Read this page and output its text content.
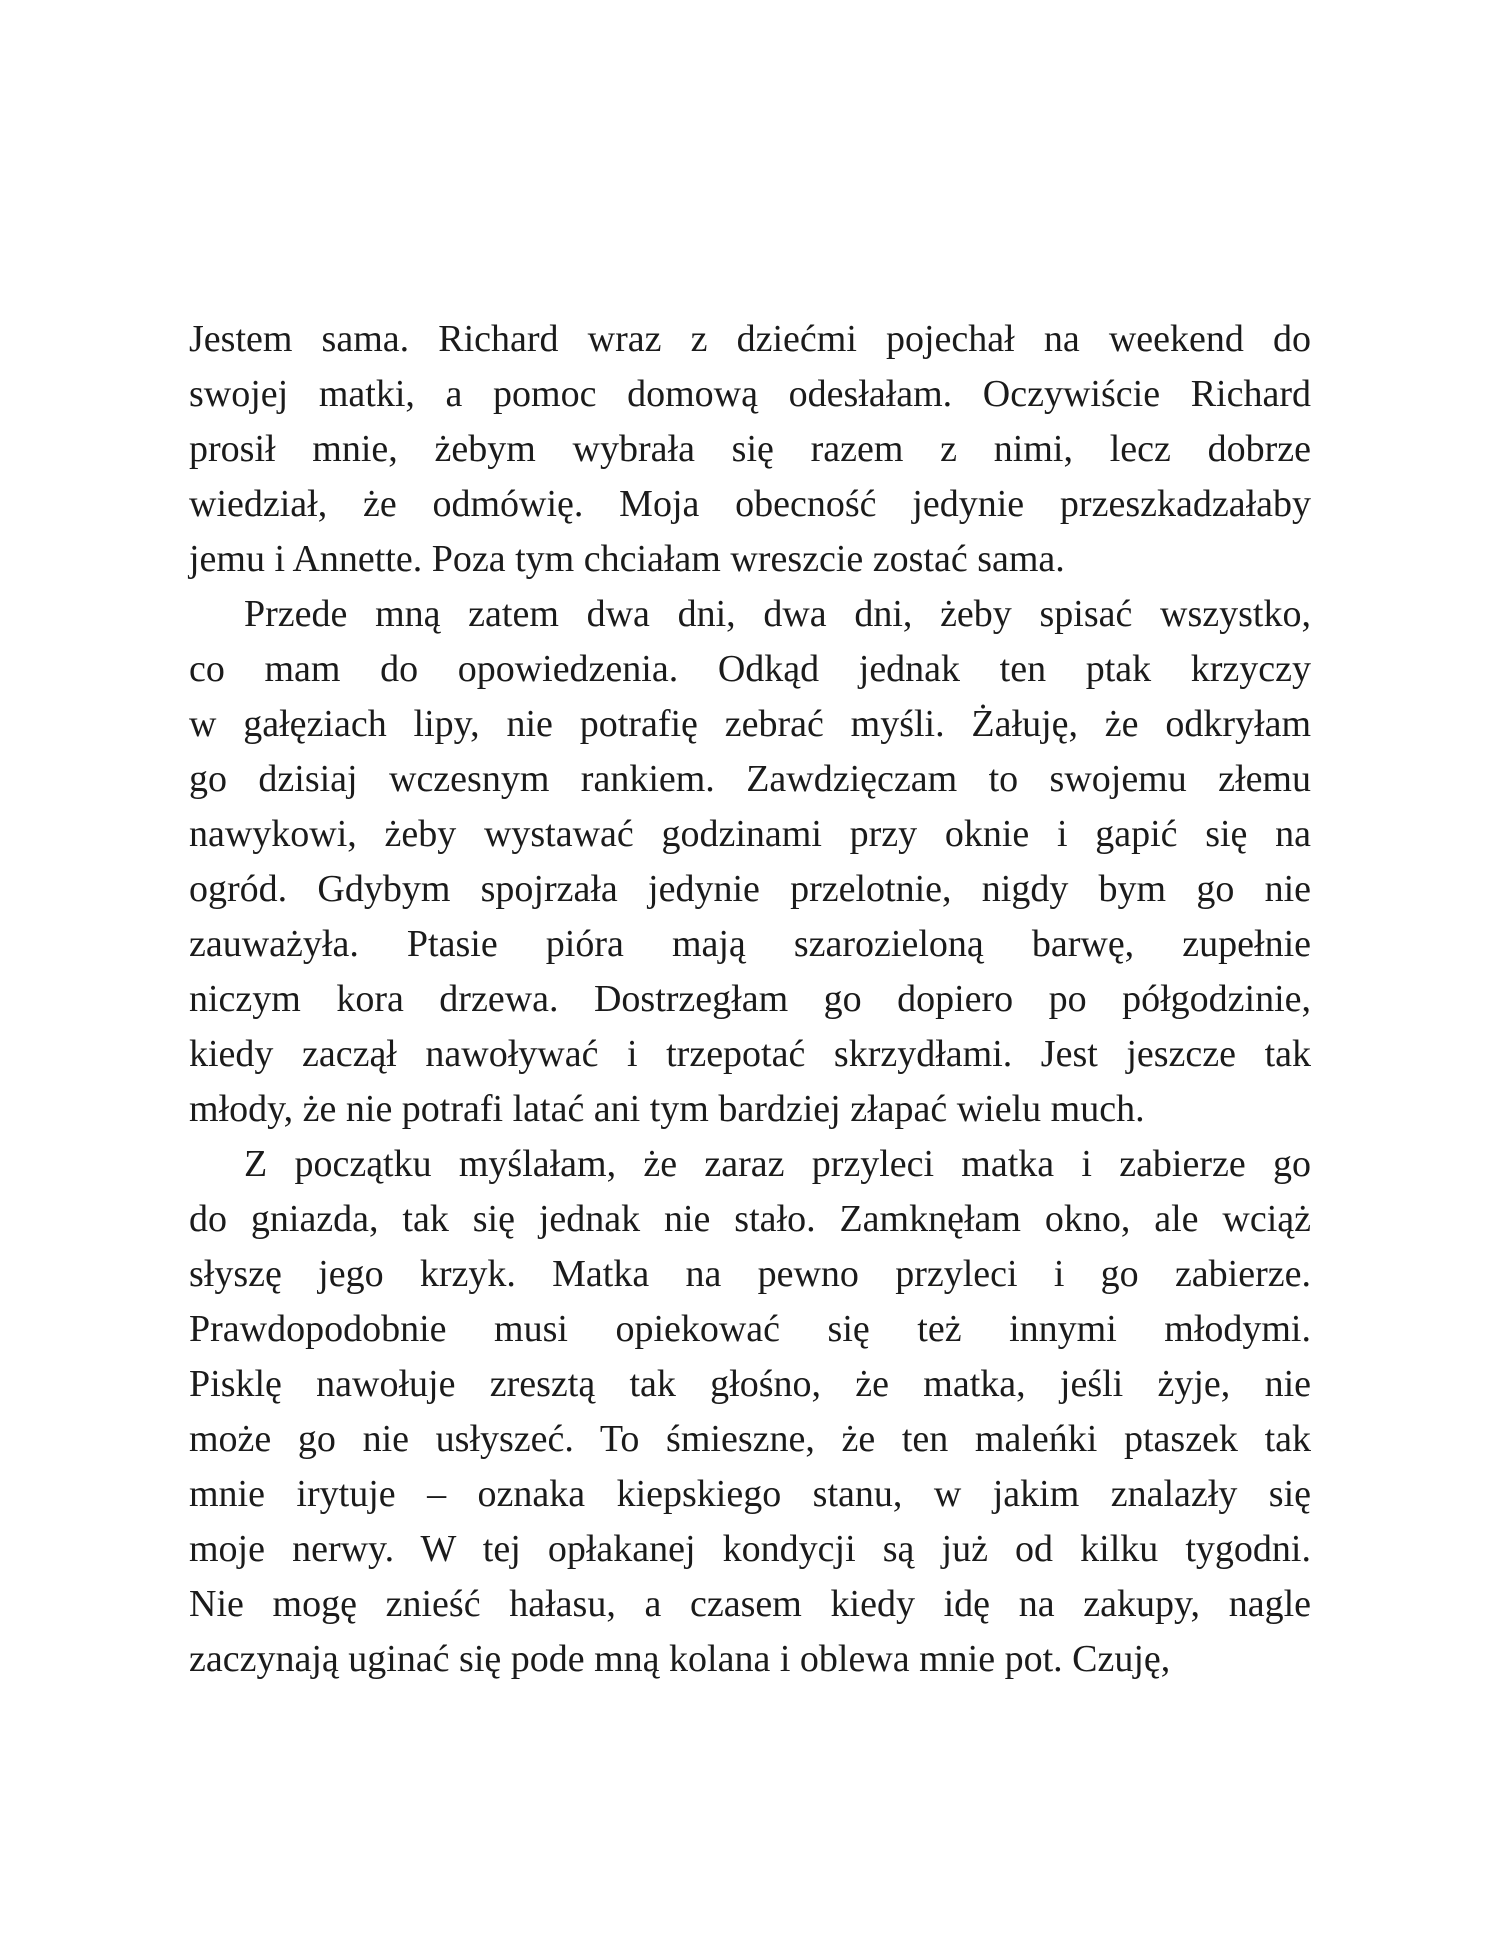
Jestem sama. Richard wraz z dziećmi pojechał na weekend do
swojej matki, a pomoc domową odesłałam. Oczywiście Richard
prosił mnie, żebym wybrała się razem z nimi, lecz dobrze
wiedział, że odmówię. Moja obecność jedynie przeszkadzałaby
jemu i Annette. Poza tym chciałam wreszcie zostać sama.
Przede mną zatem dwa dni, dwa dni, żeby spisać wszystko,
co mam do opowiedzenia. Odkąd jednak ten ptak krzyczy
w gałęziach lipy, nie potrafię zebrać myśli. Żałuję, że odkryłam
go dzisiaj wczesnym rankiem. Zawdzięczam to swojemu złemu
nawykowi, żeby wystawać godzinami przy oknie i gapić się na
ogród. Gdybym spojrzała jedynie przelotnie, nigdy bym go nie
zauważyła. Ptasie pióra mają szarozieloną barwę, zupełnie
niczym kora drzewa. Dostrzegłam go dopiero po półgodzinie,
kiedy zaczął nawoływać i trzepotać skrzydłami. Jest jeszcze tak
młody, że nie potrafi latać ani tym bardziej złapać wielu much.
Z początku myślałam, że zaraz przyleci matka i zabierze go
do gniazda, tak się jednak nie stało. Zamknęłam okno, ale wciąż
słyszę jego krzyk. Matka na pewno przyleci i go zabierze.
Prawdopodobnie musi opiekować się też innymi młodymi.
Pisklę nawołuje zresztą tak głośno, że matka, jeśli żyje, nie
może go nie usłyszeć. To śmieszne, że ten maleńki ptaszek tak
mnie irytuje – oznaka kiepskiego stanu, w jakim znalazły się
moje nerwy. W tej opłakanej kondycji są już od kilku tygodni.
Nie mogę znieść hałasu, a czasem kiedy idę na zakupy, nagle
zaczynają uginać się pode mną kolana i oblewa mnie pot. Czuję,
